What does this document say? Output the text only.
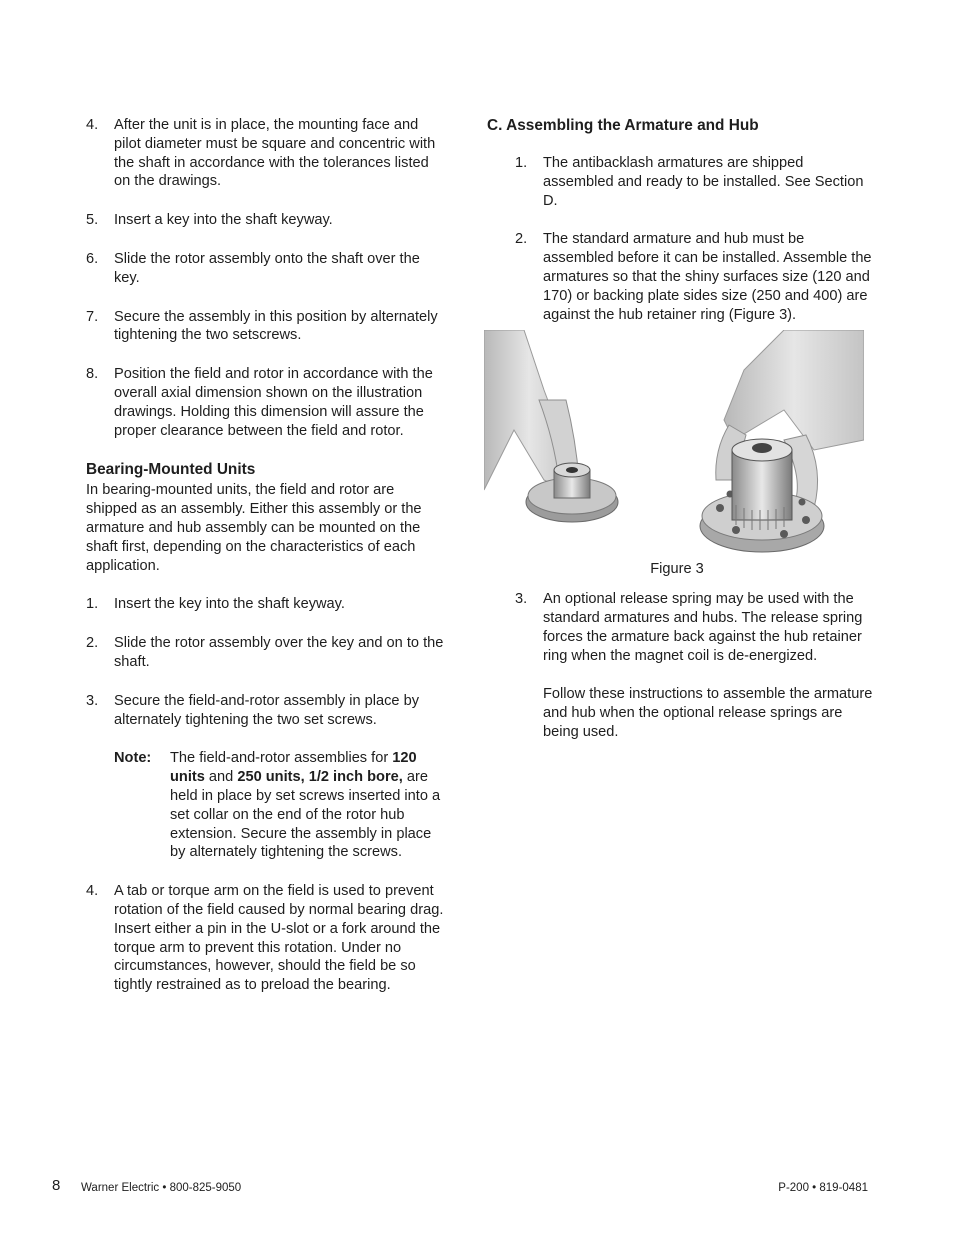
4.	After the unit is in place, the mounting face and pilot diameter must be square and concentric with the shaft in accordance with the tolerances listed on the drawings.
5.	Insert a key into the shaft keyway.
6.	Slide the rotor assembly onto the shaft over the key.
7.	Secure the assembly in this position by alternately tightening the two setscrews.
8.	Position the field and rotor in accordance with the overall axial dimension shown on the illustration drawings. Holding this dimension will assure the proper clearance between the field and rotor.
Bearing-Mounted Units

In bearing-mounted units, the field and rotor are shipped as an assembly. Either this assembly or the armature and hub assembly can be mounted on the shaft first, depending on the characteristics of each application.

1.	Insert the key into the shaft keyway.
2.	Slide the rotor assembly over the key and on to the shaft.
3.	Secure the field-and-rotor assembly in place by alternately tightening the two set screws.
Note:	The field-and-rotor assemblies for 120 units and 250 units, 1/2 inch bore, are held in place by set screws inserted into a set collar on the end of the rotor hub extension. Secure the assembly in place by alternately tightening the screws.
4.	A tab or torque arm on the field is used to prevent rotation of the field caused by normal bearing drag. Insert either a pin in the U-slot or a fork around the torque arm to prevent this rotation. Under no circumstances, however, should the field be so tightly restrained as to preload the bearing.
C. Assembling the Armature and Hub
1.	The antibacklash armatures are shipped assembled and ready to be installed. See Section D.
2.	The standard armature and hub must be assembled before it can be installed. Assemble the armatures so that the shiny surfaces size (120 and 170) or backing plate sides size (250 and 400) are against the hub retainer ring (Figure 3).
Figure 3
3.	An optional release spring may be used with the standard armatures and hubs. The release spring forces the armature back against the hub retainer ring when the magnet coil is de-energized.

Follow these instructions to assemble the armature and hub when the optional release springs are being used.

8 Warner Electric • 800-825-9050	P-200 • 819-0481
